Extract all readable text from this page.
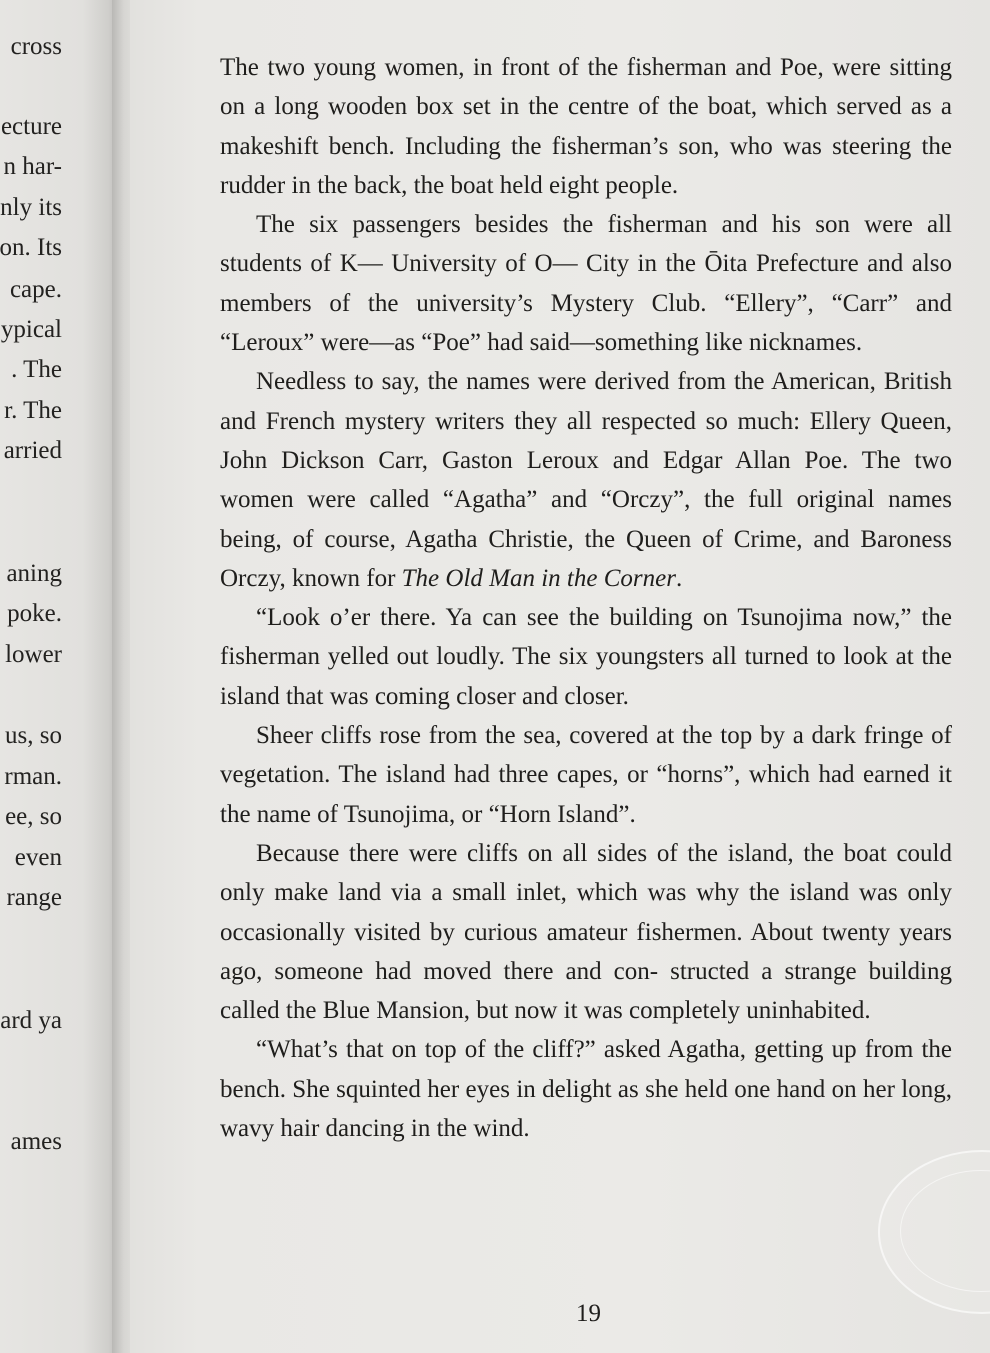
cross
ecture
n har-
nly its
on. Its
cape.
ypical
. The
r. The
arried
aning
poke.
lower
us, so
rman.
ee, so
even
range
ard ya
ames

The two young women, in front of the fisherman and Poe, were sitting on a long wooden box set in the centre of the boat, which served as a makeshift bench. Including the fisherman’s son, who was steering the rudder in the back, the boat held eight people.

The six passengers besides the fisherman and his son were all students of K— University of O— City in the Ōita Prefecture and also members of the university’s Mystery Club. “Ellery”, “Carr” and “Leroux” were—as “Poe” had said—something like nicknames.

Needless to say, the names were derived from the American, British and French mystery writers they all respected so much: Ellery Queen, John Dickson Carr, Gaston Leroux and Edgar Allan Poe. The two women were called “Agatha” and “Orczy”, the full original names being, of course, Agatha Christie, the Queen of Crime, and Baroness Orczy, known for The Old Man in the Corner.

“Look o’er there. Ya can see the building on Tsunojima now,” the fisherman yelled out loudly. The six youngsters all turned to look at the island that was coming closer and closer.

Sheer cliffs rose from the sea, covered at the top by a dark fringe of vegetation. The island had three capes, or “horns”, which had earned it the name of Tsunojima, or “Horn Island”.

Because there were cliffs on all sides of the island, the boat could only make land via a small inlet, which was why the island was only occasionally visited by curious amateur fishermen. About twenty years ago, someone had moved there and con- structed a strange building called the Blue Mansion, but now it was completely uninhabited.

“What’s that on top of the cliff?” asked Agatha, getting up from the bench. She squinted her eyes in delight as she held one hand on her long, wavy hair dancing in the wind.

19
